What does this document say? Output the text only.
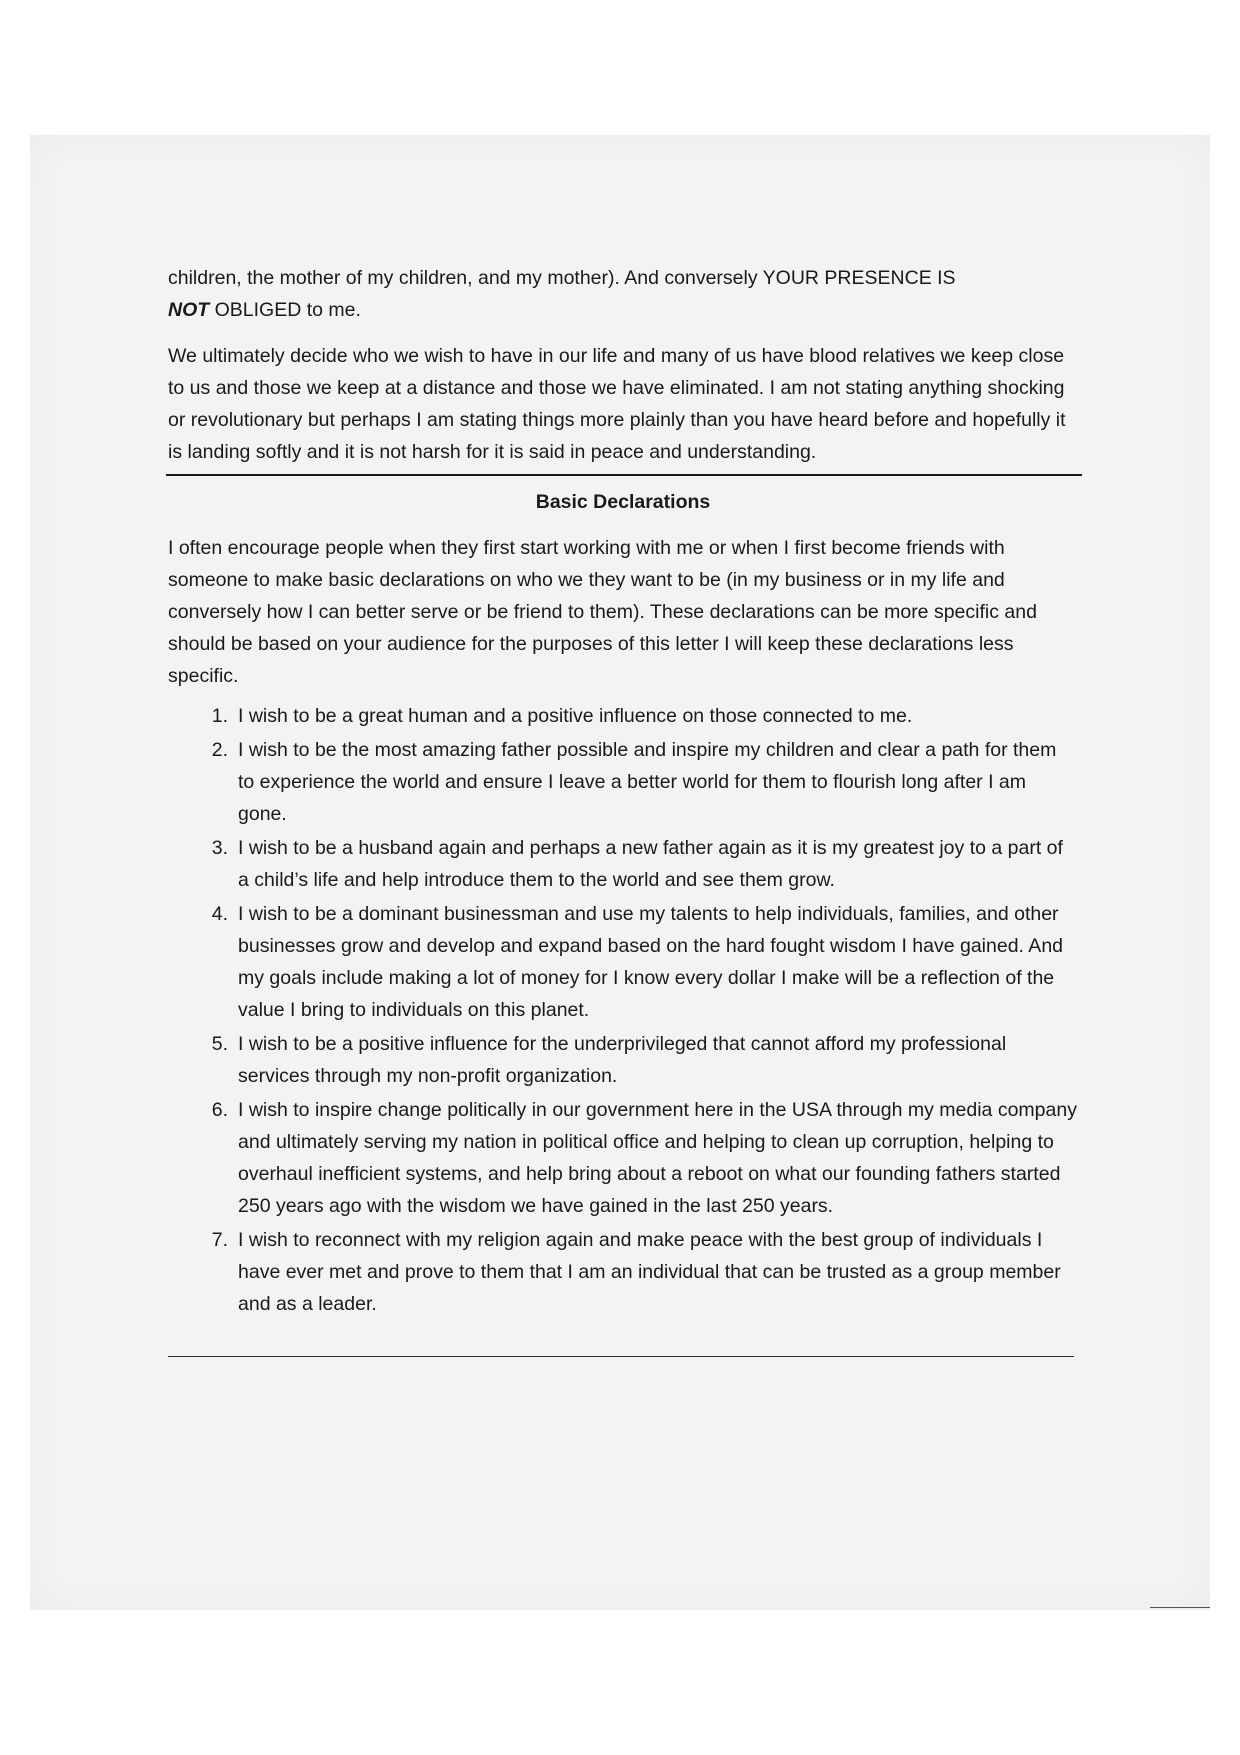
children, the mother of my children, and my mother). And conversely YOUR PRESENCE IS
NOT OBLIGED to me.

We ultimately decide who we wish to have in our life and many of us have blood relatives we keep close to us and those we keep at a distance and those we have eliminated. I am not stating anything shocking or revolutionary but perhaps I am stating things more plainly than you have heard before and hopefully it is landing softly and it is not harsh for it is said in peace and understanding.

Basic Declarations

I often encourage people when they first start working with me or when I first become friends with someone to make basic declarations on who we they want to be (in my business or in my life and conversely how I can better serve or be friend to them). These declarations can be more specific and should be based on your audience for the purposes of this letter I will keep these declarations less specific.

1. I wish to be a great human and a positive influence on those connected to me.
2. I wish to be the most amazing father possible and inspire my children and clear a path for them to experience the world and ensure I leave a better world for them to flourish long after I am gone.
3. I wish to be a husband again and perhaps a new father again as it is my greatest joy to a part of a child’s life and help introduce them to the world and see them grow.
4. I wish to be a dominant businessman and use my talents to help individuals, families, and other businesses grow and develop and expand based on the hard fought wisdom I have gained. And my goals include making a lot of money for I know every dollar I make will be a reflection of the value I bring to individuals on this planet.
5. I wish to be a positive influence for the underprivileged that cannot afford my professional services through my non-profit organization.
6. I wish to inspire change politically in our government here in the USA through my media company and ultimately serving my nation in political office and helping to clean up corruption, helping to overhaul inefficient systems, and help bring about a reboot on what our founding fathers started 250 years ago with the wisdom we have gained in the last 250 years.
7. I wish to reconnect with my religion again and make peace with the best group of individuals I have ever met and prove to them that I am an individual that can be trusted as a group member and as a leader.
